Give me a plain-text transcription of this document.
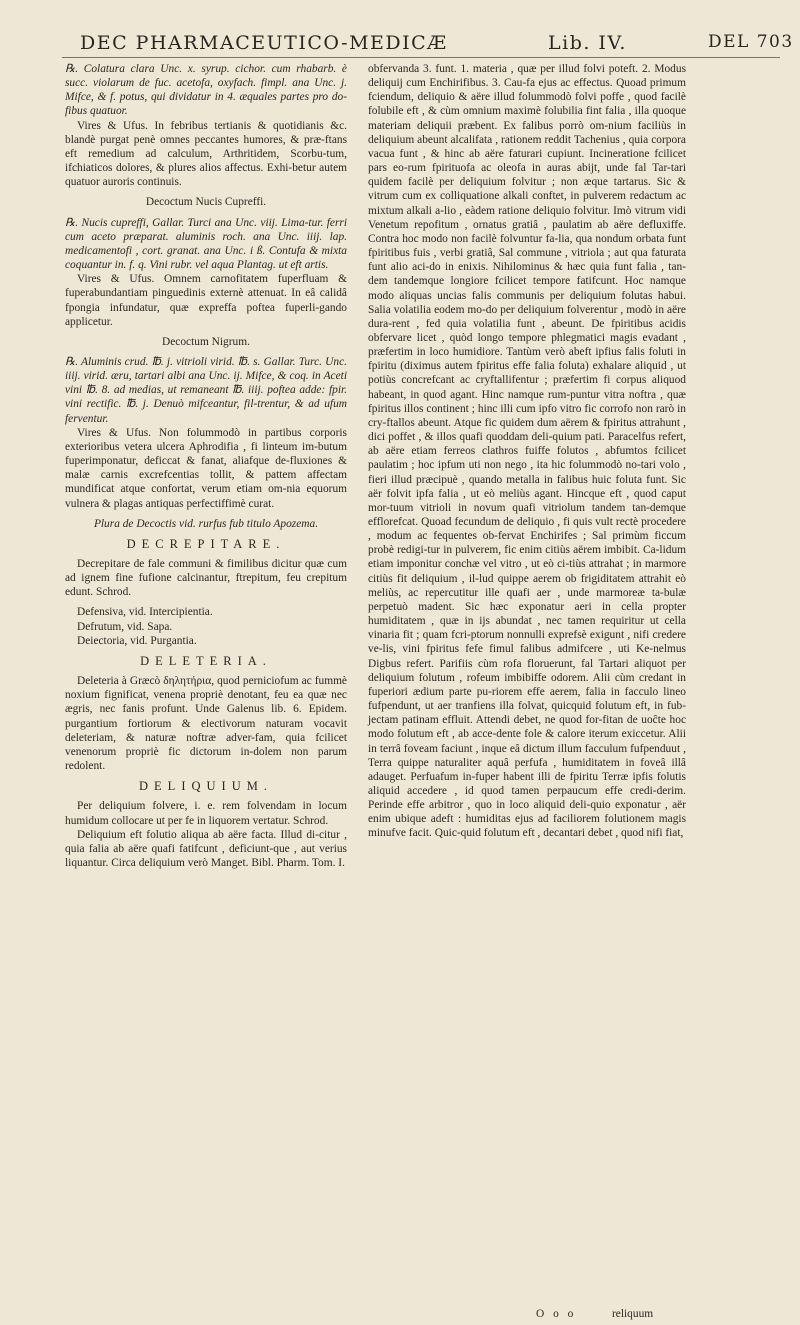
DEC PHARMACEUTICO-MEDICÆ	Lib. IV.	DEL 703

℞. Colatura clara Unc. x. syrup. cichor. cum rhabarb. è succ. violarum de fuc. acetofa, oxyfach. fimpl. ana Unc. j. Mifce, & f. potus, qui dividatur in 4. æquales partes pro do-fibus quatuor.

Vires & Ufus. In febribus tertianis & quotidianis &c. blandè purgat penè omnes peccantes humores, & præ-ftans eft remedium ad calculum, Arthritidem, Scorbu-tum, ifchiaticos dolores, & plures alios affectus. Exhi-betur autem quatuor auroris continuis.

Decoctum Nucis Cupreffi.

℞. Nucis cupreffi, Gallar. Turci ana Unc. viij. Lima-tur. ferri cum aceto præparat. aluminis roch. ana Unc. iiij. lap. medicamentofi , cort. granat. ana Unc. i ß. Contufa & mixta coquantur in. f. q. Vini rubr. vel aqua Plantag. ut eft artis.

Vires & Ufus. Omnem carnofitatem fuperfluam & fuperabundantiam pinguedinis externè attenuat. In eâ calidâ fpongia infundatur, quæ expreffa poftea fuperli-gando applicetur.

Decoctum Nigrum.

℞. Aluminis crud. ℔. j. vitrioli virid. ℔. s. Gallar. Turc. Unc. iiij. virid. æru, tartari albi ana Unc. ij. Mifce, & coq. in Aceti vini ℔. 8. ad medias, ut remaneant ℔. iiij. poftea adde: fpir. vini rectific. ℔. j. Denuò mifceantur, fil-trentur, & ad ufum ferventur.

Vires & Ufus. Non folummodò in partibus corporis exterioribus vetera ulcera Aphrodifia , fi linteum im-butum fuperimponatur, deficcat & fanat, aliafque de-fluxiones & malæ carnis excrefcentias tollit, & pattem affectam mundificat atque confortat, verum etiam om-nia equorum vulnera & plagas antiquas perfectiffimè curat.

Plura de Decoctis vid. rurfus fub titulo Apozema.

DECREPITARE.

Decrepitare de fale communi & fimilibus dicitur quæ cum ad ignem fine fufione calcinantur, ftrepitum, feu crepitum edunt. Schrod.

Defensiva, vid. Intercipientia.

Defrutum, vid. Sapa.

Deiectoria, vid. Purgantia.

DELETERIA.

Deleteria à Græcò δηλητήρια, quod perniciofum ac fummè noxium fignificat, venena propriè denotant, feu ea quæ nec ægris, nec fanis profunt. Unde Galenus lib. 6. Epidem. purgantium fortiorum & electivorum naturam vocavit deleteriam, & naturæ noftræ adver-fam, quia fcilicet venenorum propriè fic dictorum in-dolem non parum redolent.

DELIQUIUM.

Per deliquium folvere, i. e. rem folvendam in locum humidum collocare ut per fe in liquorem vertatur. Schrod.

Deliquium eft folutio aliqua ab aëre facta. Illud di-citur , quia falia ab aëre quafi fatifcunt , deficiunt-que , aut verius liquantur. Circa deliquium verò Manget. Bibl. Pharm. Tom. I.

obfervanda 3. funt. 1. materia , quæ per illud folvi poteft. 2. Modus deliquij cum Enchirifibus. 3. Cau-fa ejus ac effectus. Quoad primum fciendum, deliquio & aëre illud folummodò folvi poffe , quod facilè folubile eft , & cùm omnium maximè folubilia fint falia , illa quoque materiam deliquii præbent. Ex falibus porrò om-nium faciliùs in deliquium abeunt alcalifata , rationem reddit Tachenius , quia corpora vacua funt , & hinc ab aëre faturari cupiunt. Incineratione fcilicet pars eo-rum fpirituofa ac oleofa in auras abijt, unde fal Tar-tari quidem facilè per deliquium folvitur ; non æque tartarus. Sic & vitrum cum ex colliquatione alkali conftet, in pulverem redactum ac mixtum alkali a-lio , eàdem ratione deliquio folvitur. Imò vitrum vidi Venetum repofitum , ornatus gratiâ , paulatim ab aëre defluxiffe. Contra hoc modo non facilè folvuntur fa-lia, qua nondum orbata funt fpiritibus fuis , verbi gratiâ, Sal commune , vitriola ; aut qua faturata funt alio aci-do in enixis. Nihilominus & hæc quia funt falia , tan-dem tandemque longiore fcilicet tempore fatifcunt. Hoc namque modo aliquas uncias falis communis per deliquium folutas habui. Salia volatilia eodem mo-do per deliquium folverentur , modò in aëre dura-rent , fed quia volatilia funt , abeunt. De fpiritibus acidis obfervare licet , quòd longo tempore phlegmatici magis evadant , præfertim in loco humidiore. Tantùm verò abeft ipfius falis foluti in fpiritu (diximus autem fpiritus effe falia foluta) exhalare aliquid , ut potiùs concrefcant ac cryftallifentur ; præfertim fi corpus aliquod habeant, in quod agant. Hinc namque rum-puntur vitra noftra , quæ fpiritus illos continent ; hinc illi cum ipfo vitro fic corrofo non rarò in cry-ftallos abeunt. Atque fic quidem dum aërem & fpiritus attrahunt , dici poffet , & illos quafi quoddam deli-quium pati. Paracelfus refert, ab aëre etiam ferreos clathros fuiffe folutos , abfumtos fcilicet paulatim ; hoc ipfum uti non nego , ita hic folummodò no-tari volo , fieri illud præcipuè , quando metalla in falibus huic foluta funt. Sic aër folvit ipfa falia , ut eò meliùs agant. Hincque eft , quod caput mor-tuum vitrioli in novum quafi vitriolum tandem tan-demque efflorefcat. Quoad fecundum de deliquio , fi quis vult rectè procedere , modum ac fequentes ob-fervat Enchirifes ; Sal primùm ficcum probè redigi-tur in pulverem, fic enim citiùs aërem imbibit. Ca-lidum etiam imponitur conchæ vel vitro , ut eò ci-tiùs attrahat ; in marmore citiùs fit deliquium , il-lud quippe aerem ob frigiditatem attrahit eò meliùs, ac repercutitur ille quafi aer , unde marmoreæ ta-bulæ perpetuò madent. Sic hæc exponatur aeri in cella propter humiditatem , quæ in ijs abundat , nec tamen requiritur ut cella vinaria fit ; quam fcri-ptorum nonnulli exprefsè exigunt , nifi credere ve-lis, vini fpiritus fefe fimul falibus admifcere , uti Ke-nelmus Digbus refert. Parifiis cùm rofa floruerunt, fal Tartari aliquot per deliquium folutum , rofeum imbibiffe odorem. Alii cùm credant in fuperiori ædium parte pu-riorem effe aerem, falia in facculo lineo fufpendunt, ut aer tranfiens illa folvat, quicquid folutum eft, in fub-jectam patinam effluit. Attendi debet, ne quod for-fitan de uoĉte hoc modo folutum eft , ab acce-dente fole & calore iterum exiccetur. Alii in terrâ foveam faciunt , inque eâ dictum illum facculum fufpenduut , Terra quippe naturaliter aquâ perfufa , humiditatem in foveâ illâ adauget. Perfuafum in-fuper habent illi de fpiritu Terræ ipfis folutis aliquid accedere , id quod tamen perpaucum effe credi-derim. Perinde effe arbitror , quo in loco aliquid deli-quio exponatur , aër enim ubique adeft : humiditas ejus ad faciliorem folutionem magis minufve facit. Quic-quid folutum eft , decantari debet , quod nifi fiat,

O o o	reliquum
